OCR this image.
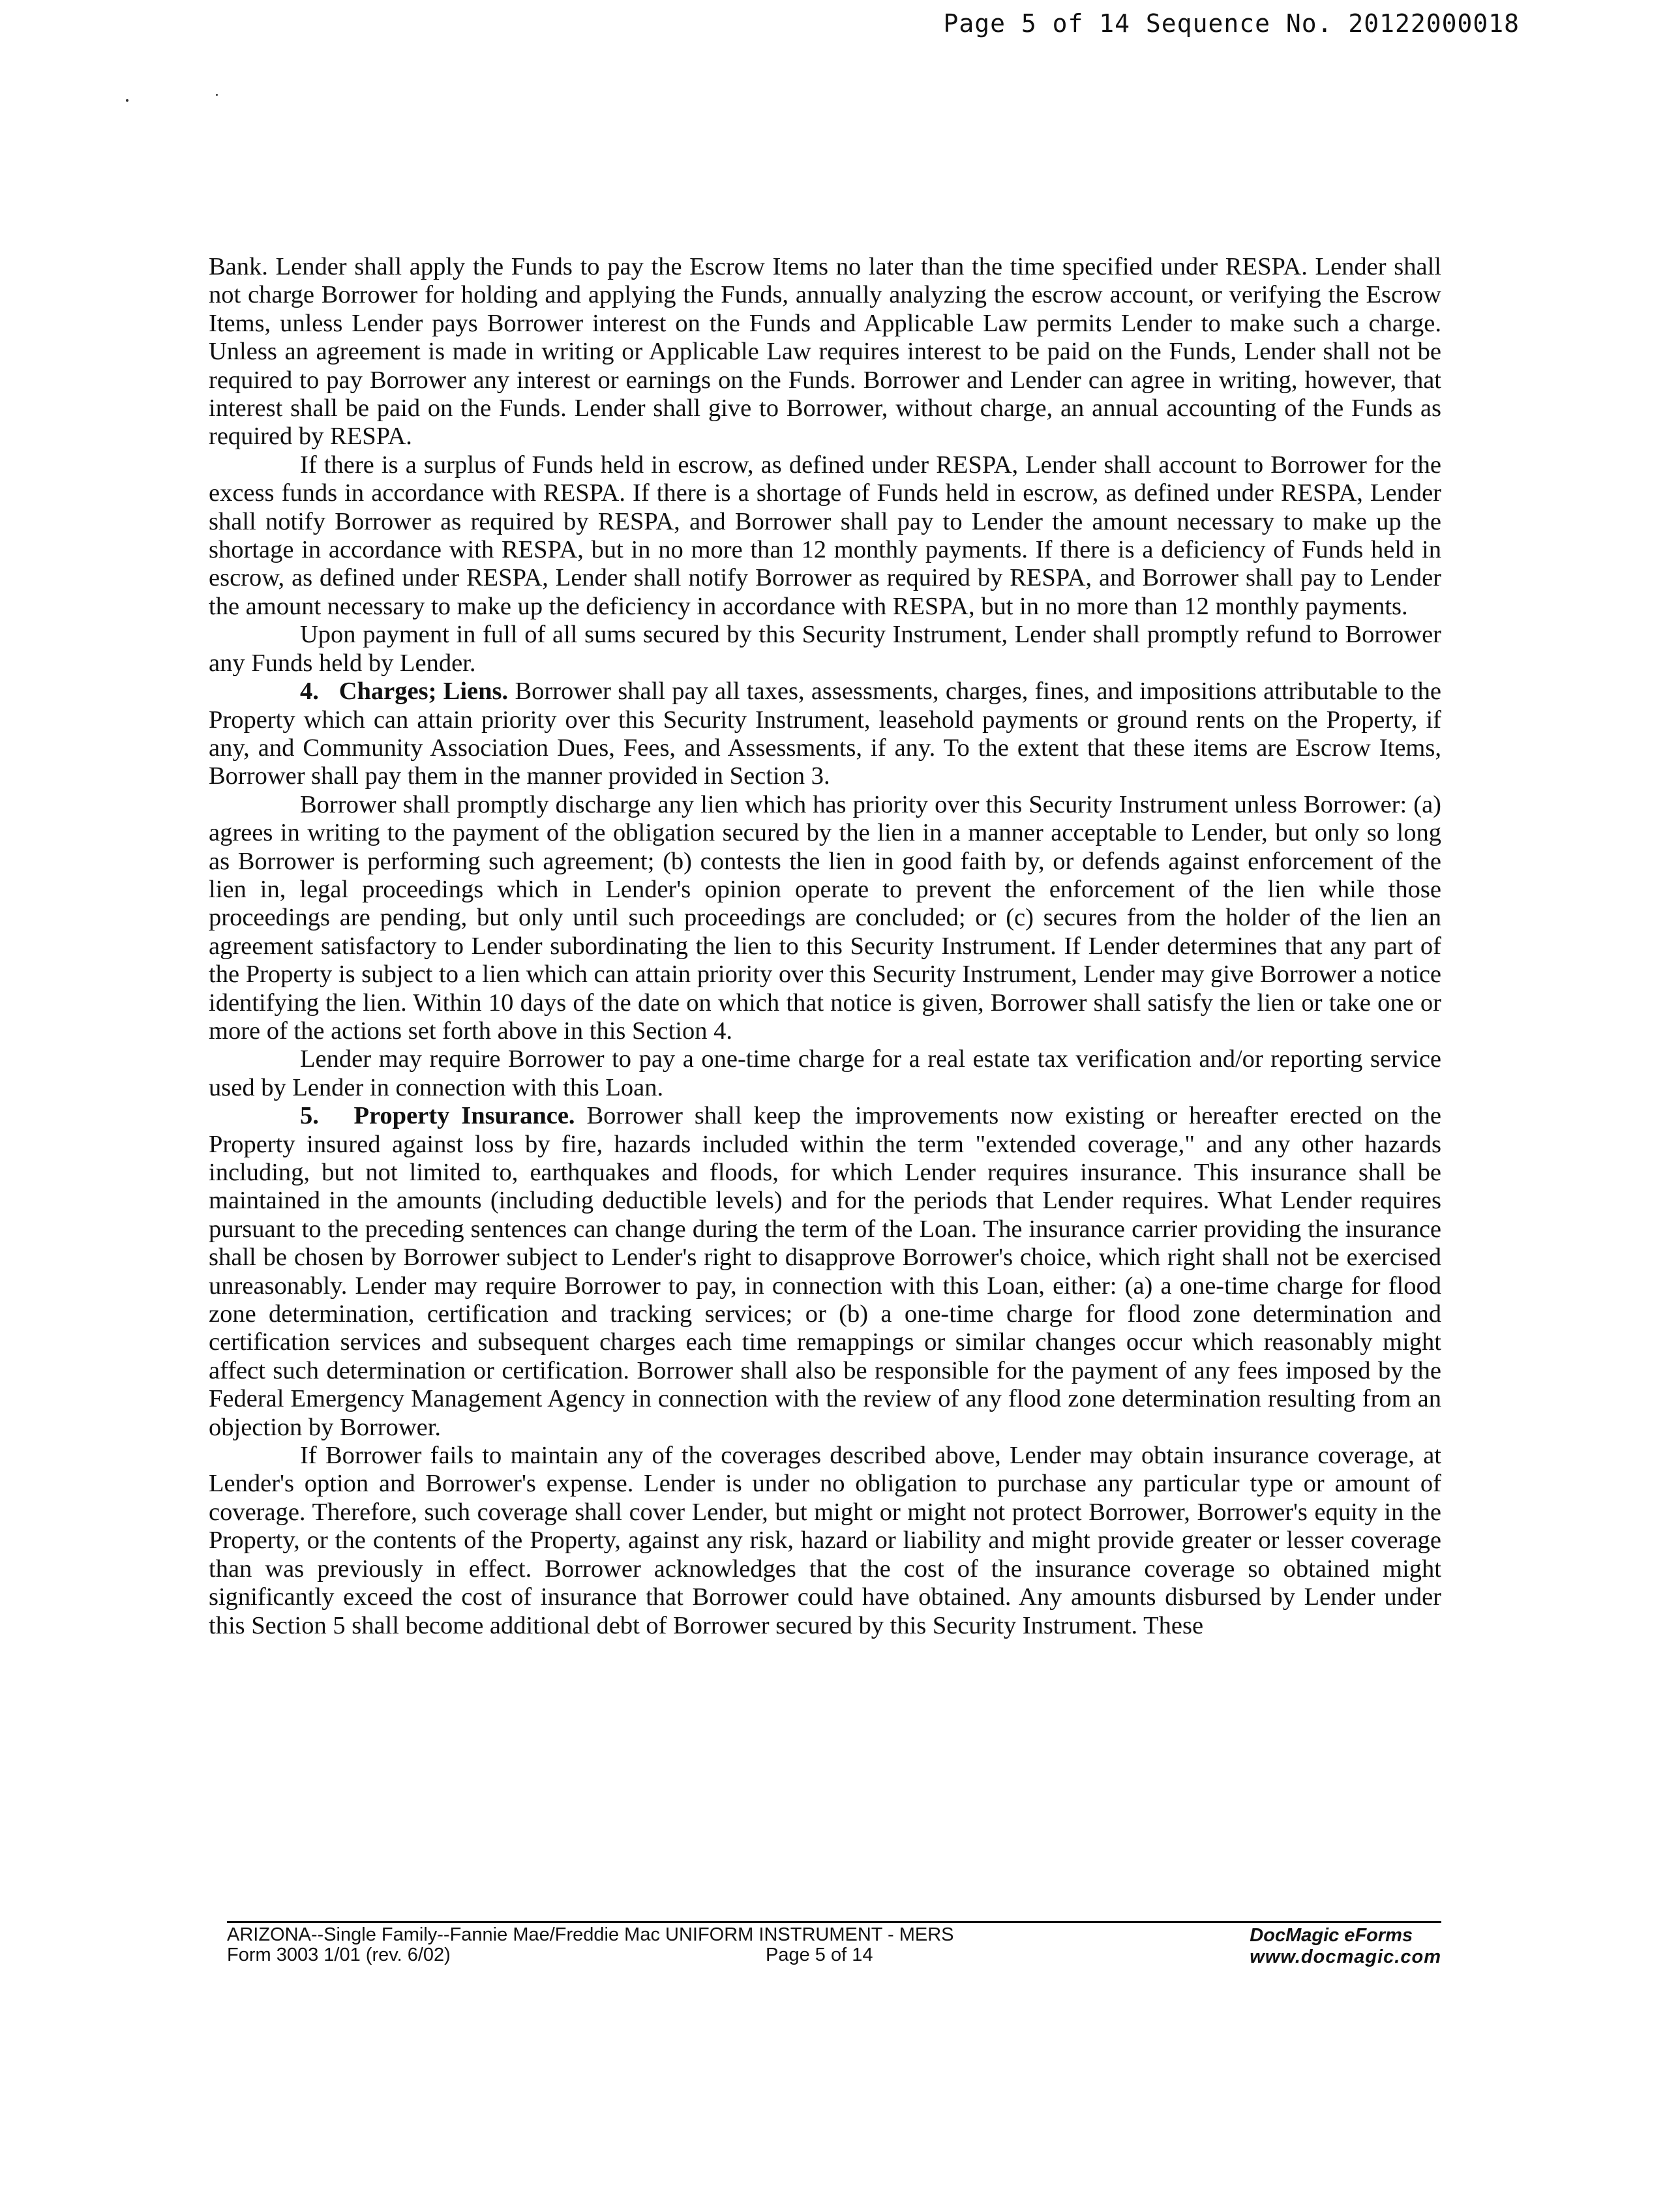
Page 5 of 14 Sequence No. 20122000018

Bank. Lender shall apply the Funds to pay the Escrow Items no later than the time specified under RESPA. Lender shall not charge Borrower for holding and applying the Funds, annually analyzing the escrow account, or verifying the Escrow Items, unless Lender pays Borrower interest on the Funds and Applicable Law permits Lender to make such a charge. Unless an agreement is made in writing or Applicable Law requires interest to be paid on the Funds, Lender shall not be required to pay Borrower any interest or earnings on the Funds. Borrower and Lender can agree in writing, however, that interest shall be paid on the Funds. Lender shall give to Borrower, without charge, an annual accounting of the Funds as required by RESPA.

If there is a surplus of Funds held in escrow, as defined under RESPA, Lender shall account to Borrower for the excess funds in accordance with RESPA. If there is a shortage of Funds held in escrow, as defined under RESPA, Lender shall notify Borrower as required by RESPA, and Borrower shall pay to Lender the amount necessary to make up the shortage in accordance with RESPA, but in no more than 12 monthly payments. If there is a deficiency of Funds held in escrow, as defined under RESPA, Lender shall notify Borrower as required by RESPA, and Borrower shall pay to Lender the amount necessary to make up the deficiency in accordance with RESPA, but in no more than 12 monthly payments.

Upon payment in full of all sums secured by this Security Instrument, Lender shall promptly refund to Borrower any Funds held by Lender.

4. Charges; Liens. Borrower shall pay all taxes, assessments, charges, fines, and impositions attributable to the Property which can attain priority over this Security Instrument, leasehold payments or ground rents on the Property, if any, and Community Association Dues, Fees, and Assessments, if any. To the extent that these items are Escrow Items, Borrower shall pay them in the manner provided in Section 3.

Borrower shall promptly discharge any lien which has priority over this Security Instrument unless Borrower: (a) agrees in writing to the payment of the obligation secured by the lien in a manner acceptable to Lender, but only so long as Borrower is performing such agreement; (b) contests the lien in good faith by, or defends against enforcement of the lien in, legal proceedings which in Lender's opinion operate to prevent the enforcement of the lien while those proceedings are pending, but only until such proceedings are concluded; or (c) secures from the holder of the lien an agreement satisfactory to Lender subordinating the lien to this Security Instrument. If Lender determines that any part of the Property is subject to a lien which can attain priority over this Security Instrument, Lender may give Borrower a notice identifying the lien. Within 10 days of the date on which that notice is given, Borrower shall satisfy the lien or take one or more of the actions set forth above in this Section 4.

Lender may require Borrower to pay a one-time charge for a real estate tax verification and/or reporting service used by Lender in connection with this Loan.

5. Property Insurance. Borrower shall keep the improvements now existing or hereafter erected on the Property insured against loss by fire, hazards included within the term "extended coverage," and any other hazards including, but not limited to, earthquakes and floods, for which Lender requires insurance. This insurance shall be maintained in the amounts (including deductible levels) and for the periods that Lender requires. What Lender requires pursuant to the preceding sentences can change during the term of the Loan. The insurance carrier providing the insurance shall be chosen by Borrower subject to Lender's right to disapprove Borrower's choice, which right shall not be exercised unreasonably. Lender may require Borrower to pay, in connection with this Loan, either: (a) a one-time charge for flood zone determination, certification and tracking services; or (b) a one-time charge for flood zone determination and certification services and subsequent charges each time remappings or similar changes occur which reasonably might affect such determination or certification. Borrower shall also be responsible for the payment of any fees imposed by the Federal Emergency Management Agency in connection with the review of any flood zone determination resulting from an objection by Borrower.

If Borrower fails to maintain any of the coverages described above, Lender may obtain insurance coverage, at Lender's option and Borrower's expense. Lender is under no obligation to purchase any particular type or amount of coverage. Therefore, such coverage shall cover Lender, but might or might not protect Borrower, Borrower's equity in the Property, or the contents of the Property, against any risk, hazard or liability and might provide greater or lesser coverage than was previously in effect. Borrower acknowledges that the cost of the insurance coverage so obtained might significantly exceed the cost of insurance that Borrower could have obtained. Any amounts disbursed by Lender under this Section 5 shall become additional debt of Borrower secured by this Security Instrument. These

ARIZONA--Single Family--Fannie Mae/Freddie Mac UNIFORM INSTRUMENT - MERS
Form 3003 1/01 (rev. 6/02)	Page 5 of 14
DocMagic eForms
www.docmagic.com
